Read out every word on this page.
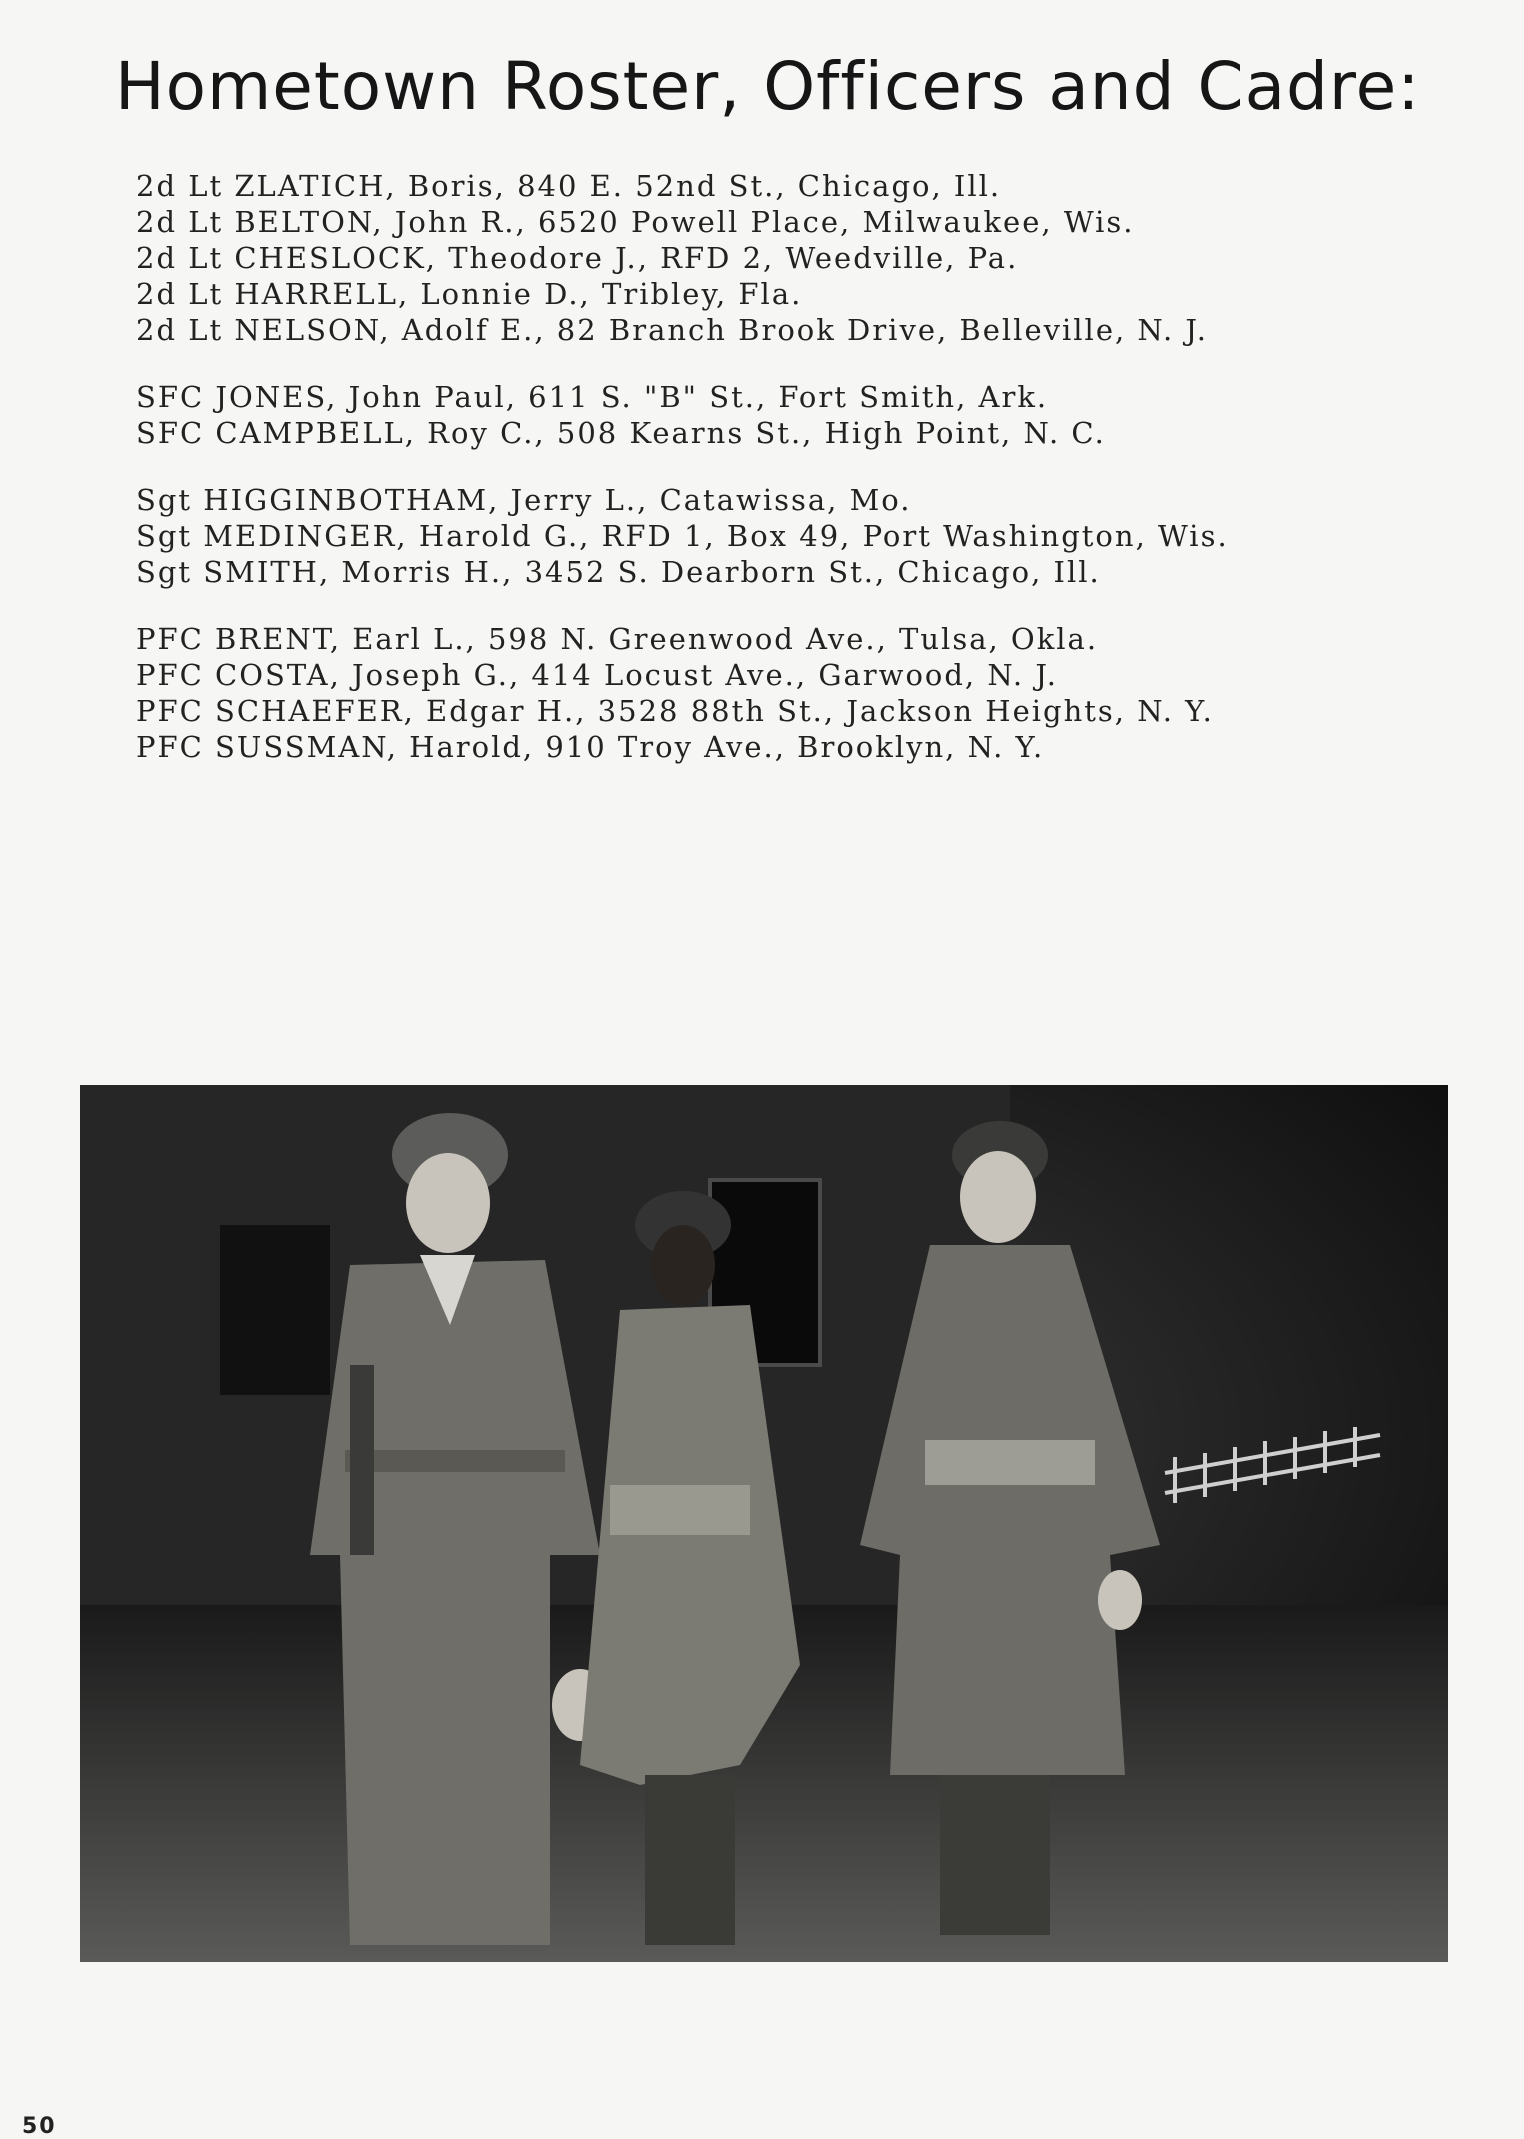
Hometown Roster, Officers and Cadre:
2d Lt ZLATICH, Boris, 840 E. 52nd St., Chicago, Ill.
2d Lt BELTON, John R., 6520 Powell Place, Milwaukee, Wis.
2d Lt CHESLOCK, Theodore J., RFD 2, Weedville, Pa.
2d Lt HARRELL, Lonnie D., Tribley, Fla.
2d Lt NELSON, Adolf E., 82 Branch Brook Drive, Belleville, N. J.
SFC JONES, John Paul, 611 S. "B" St., Fort Smith, Ark.
SFC CAMPBELL, Roy C., 508 Kearns St., High Point, N. C.
Sgt HIGGINBOTHAM, Jerry L., Catawissa, Mo.
Sgt MEDINGER, Harold G., RFD 1, Box 49, Port Washington, Wis.
Sgt SMITH, Morris H., 3452 S. Dearborn St., Chicago, Ill.
PFC BRENT, Earl L., 598 N. Greenwood Ave., Tulsa, Okla.
PFC COSTA, Joseph G., 414 Locust Ave., Garwood, N. J.
PFC SCHAEFER, Edgar H., 3528 88th St., Jackson Heights, N. Y.
PFC SUSSMAN, Harold, 910 Troy Ave., Brooklyn, N. Y.
50
